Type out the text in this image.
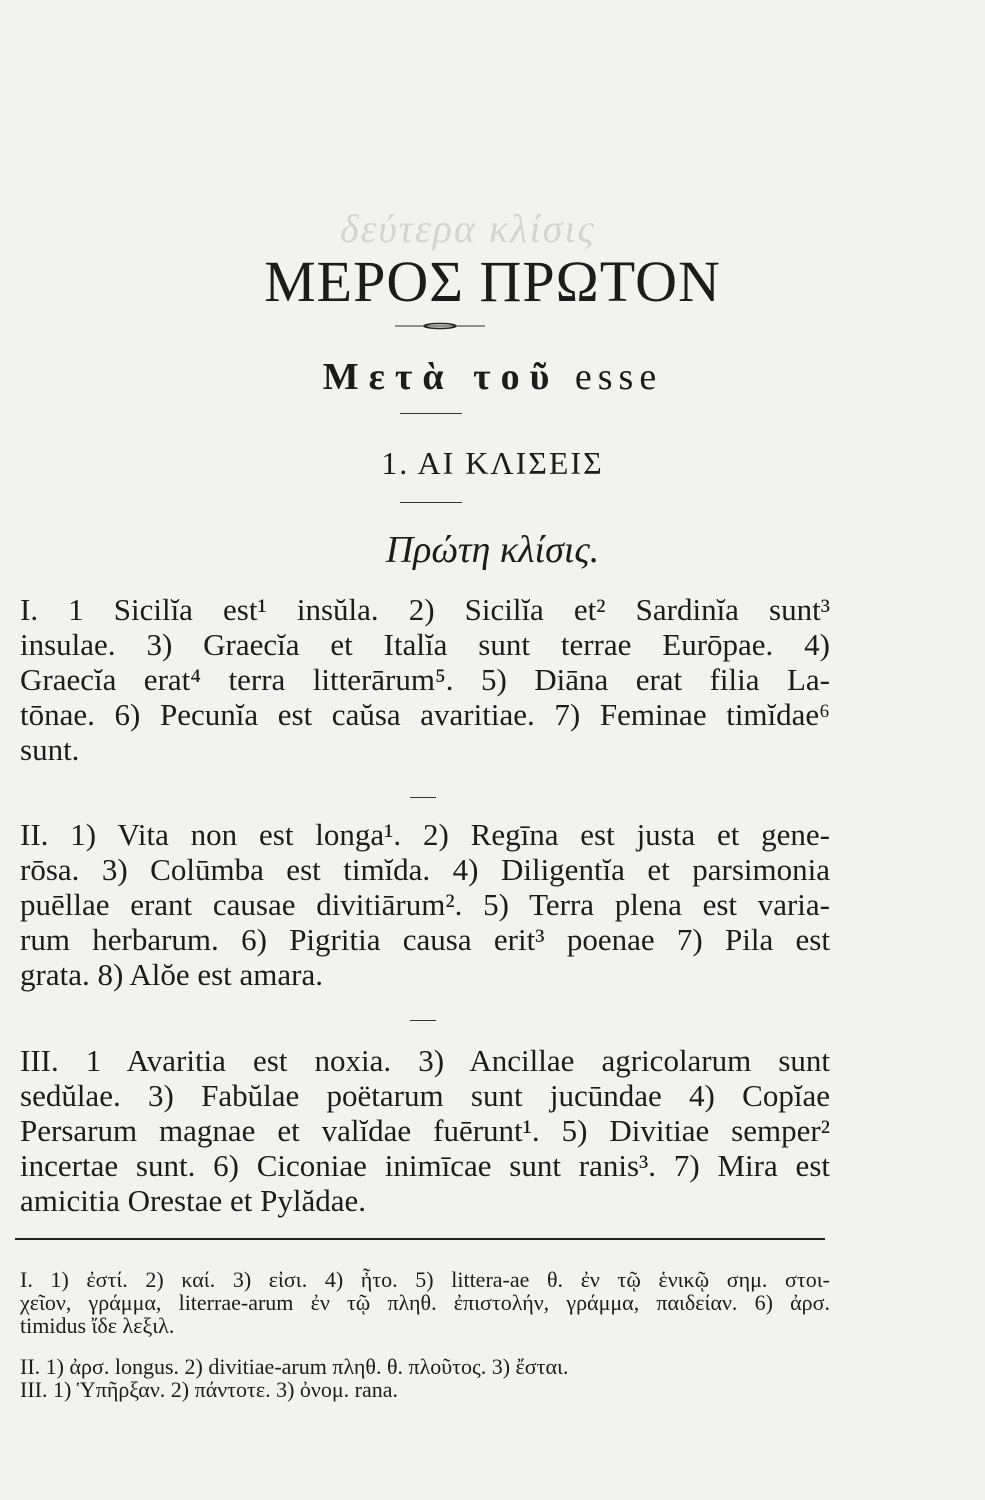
δεύτερα κλίσις
ΜΕΡΟΣ ΠΡΩΤΟΝ
Μετὰ τοῦ esse
1. ΑΙ ΚΛΙΣΕΙΣ
Πρώτη κλίσις.
I. 1 Sicilĭa est¹ insŭla. 2) Sicilĭa et² Sardinĭa sunt³
insulae. 3) Graecĭa et Italĭa sunt terrae Eurōpae. 4)
Graecĭa erat⁴ terra litterārum⁵. 5) Diāna erat filia La-
tōnae. 6) Pecunĭa est caŭsa avaritiae. 7) Feminae timĭdae⁶
sunt.
II. 1) Vita non est longa¹. 2) Regīna est justa et gene-
rōsa. 3) Colūmba est timĭda. 4) Diligentĭa et parsimonia
puēllae erant causae divitiārum². 5) Terra plena est varia-
rum herbarum. 6) Pigritia causa erit³ poenae 7) Pila est
grata. 8) Alŏe est amara.
III. 1 Avaritia est noxia. 3) Ancillae agricolarum sunt
sedŭlae. 3) Fabŭlae poëtarum sunt jucūndae 4) Copĭae
Persarum magnae et valĭdae fuērunt¹. 5) Divitiae semper²
incertae sunt. 6) Ciconiae inimīcae sunt ranis³. 7) Mira est
amicitia Orestae et Pylădae.
I. 1) ἐστί. 2) καί. 3) εἰσι. 4) ἦτο. 5) littera-ae θ. ἐν τῷ ἑνικῷ σημ. στοι-
χεῖον, γράμμα, literrae-arum ἐν τῷ πληθ. ἐπιστολήν, γράμμα, παιδείαν. 6) ἀρσ.
timidus ἴδε λεξιλ.
II. 1) ἀρσ. longus. 2) divitiae-arum πληθ. θ. πλοῦτος. 3) ἔσται.
III. 1) Ὑπῆρξαν. 2) πάντοτε. 3) ὀνομ. rana.
